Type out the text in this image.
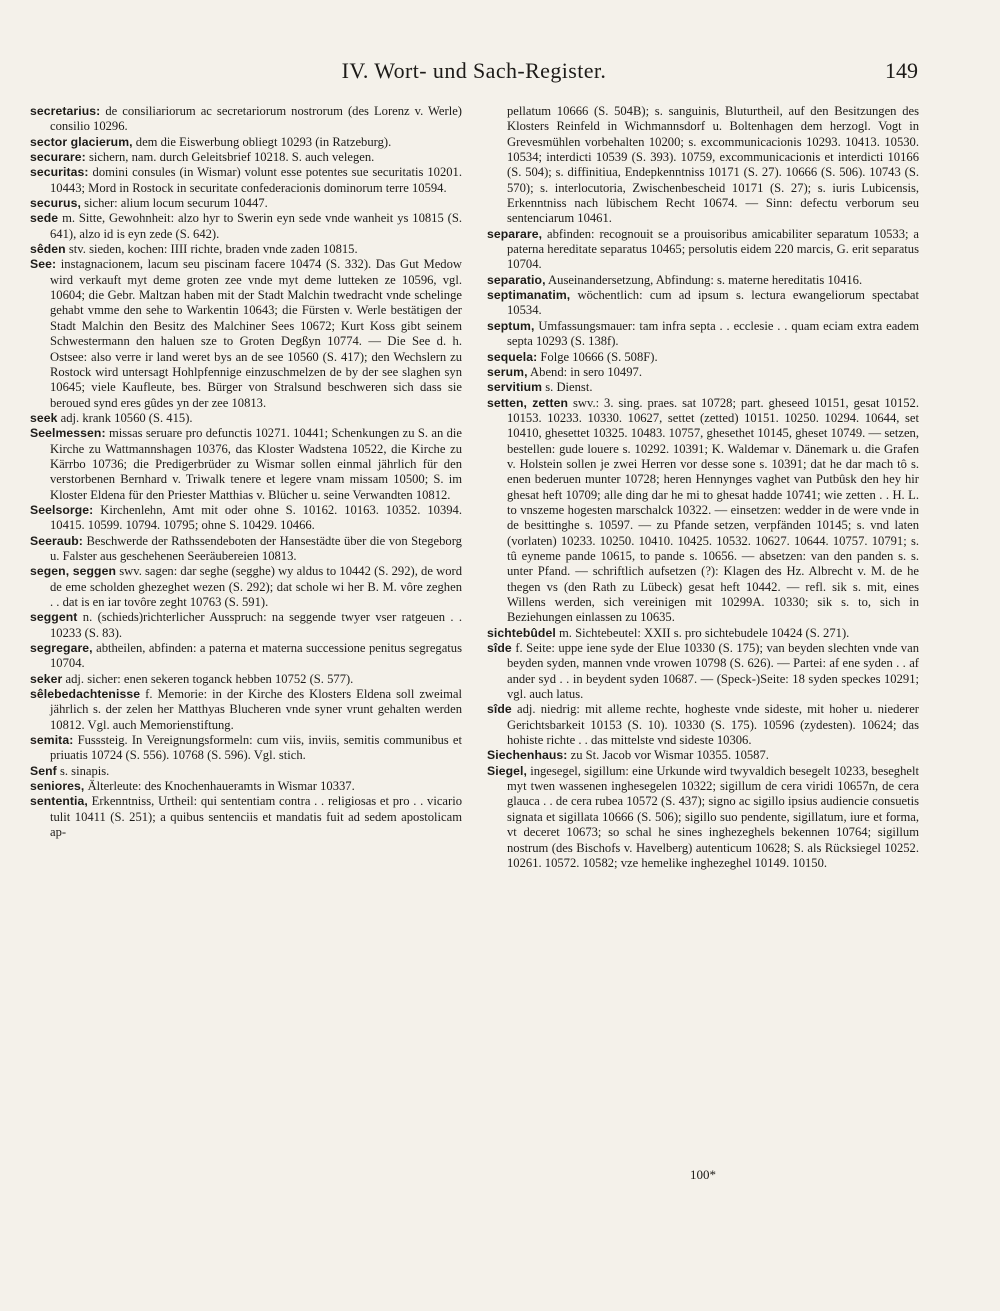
IV. Wort- und Sach-Register.	149

secretarius: de consiliariorum ac secretariorum nostrorum (des Lorenz v. Werle) consilio 10296.

sector glacierum, dem die Eiswerbung obliegt 10293 (in Ratzeburg).

securare: sichern, nam. durch Geleitsbrief 10218. S. auch velegen.

securitas: domini consules (in Wismar) volunt esse potentes sue securitatis 10201. 10443; Mord in Rostock in securitate confederacionis dominorum terre 10594.

securus, sicher: alium locum securum 10447.

sede m. Sitte, Gewohnheit: alzo hyr to Swerin eyn sede vnde wanheit ys 10815 (S. 641), alzo id is eyn zede (S. 642).

sêden stv. sieden, kochen: IIII richte, braden vnde zaden 10815.

See: instagnacionem, lacum seu piscinam facere 10474 (S. 332). Das Gut Medow wird verkauft myt deme groten zee vnde myt deme lutteken ze 10596, vgl. 10604; die Gebr. Maltzan haben mit der Stadt Malchin twedracht vnde schelinge gehabt vmme den sehe to Warkentin 10643; die Fürsten v. Werle bestätigen der Stadt Malchin den Besitz des Malchiner Sees 10672; Kurt Koss gibt seinem Schwestermann den haluen sze to Groten Degßyn 10774. — Die See d. h. Ostsee: also verre ir land weret bys an de see 10560 (S. 417); den Wechslern zu Rostock wird untersagt Hohlpfennige einzuschmelzen de by der see slaghen syn 10645; viele Kaufleute, bes. Bürger von Stralsund beschweren sich dass sie beroued synd eres gûdes yn der zee 10813.

seek adj. krank 10560 (S. 415).

Seelmessen: missas seruare pro defunctis 10271. 10441; Schenkungen zu S. an die Kirche zu Wattmannshagen 10376, das Kloster Wadstena 10522, die Kirche zu Kärrbo 10736; die Predigerbrüder zu Wismar sollen einmal jährlich für den verstorbenen Bernhard v. Triwalk tenere et legere vnam missam 10500; S. im Kloster Eldena für den Priester Matthias v. Blücher u. seine Verwandten 10812.

Seelsorge: Kirchenlehn, Amt mit oder ohne S. 10162. 10163. 10352. 10394. 10415. 10599. 10794. 10795; ohne S. 10429. 10466.

Seeraub: Beschwerde der Rathssendeboten der Hansestädte über die von Stegeborg u. Falster aus geschehenen Seeräubereien 10813.

segen, seggen swv. sagen: dar seghe (segghe) wy aldus to 10442 (S. 292), de word de eme scholden ghezeghet wezen (S. 292); dat schole wi her B. M. vôre zeghen . . dat is en iar tovôre zeght 10763 (S. 591).

seggent n. (schieds)richterlicher Ausspruch: na seggende twyer vser ratgeuen . . 10233 (S. 83).

segregare, abtheilen, abfinden: a paterna et materna successione penitus segregatus 10704.

seker adj. sicher: enen sekeren toganck hebben 10752 (S. 577).

sêlebedachtenisse f. Memorie: in der Kirche des Klosters Eldena soll zweimal jährlich s. der zelen her Matthyas Blucheren vnde syner vrunt gehalten werden 10812. Vgl. auch Memorienstiftung.

semita: Fusssteig. In Vereignungsformeln: cum viis, inviis, semitis communibus et priuatis 10724 (S. 556). 10768 (S. 596). Vgl. stich.

Senf s. sinapis.

seniores, Älterleute: des Knochenhaueramts in Wismar 10337.

sententia, Erkenntniss, Urtheil: qui sententiam contra . . religiosas et pro . . vicario tulit 10411 (S. 251); a quibus sentenciis et mandatis fuit ad sedem apostolicam ap-

pellatum 10666 (S. 504B); s. sanguinis, Bluturtheil, auf den Besitzungen des Klosters Reinfeld in Wichmannsdorf u. Boltenhagen dem herzogl. Vogt in Grevesmühlen vorbehalten 10200; s. excommunicacionis 10293. 10413. 10530. 10534; interdicti 10539 (S. 393). 10759, excommunicacionis et interdicti 10166 (S. 504); s. diffinitiua, Endерkenntniss 10171 (S. 27). 10666 (S. 506). 10743 (S. 570); s. interlocutoria, Zwischenbescheid 10171 (S. 27); s. iuris Lubicensis, Erkenntniss nach lübischem Recht 10674. — Sinn: defectu verborum seu sentenciarum 10461.

separare, abfinden: recognouit se a prouisoribus amicabiliter separatum 10533; a paterna hereditate separatus 10465; persolutis eidem 220 marcis, G. erit separatus 10704.

separatio, Auseinandersetzung, Abfindung: s. materne hereditatis 10416.

septimanatim, wöchentlich: cum ad ipsum s. lectura ewangeliorum spectabat 10534.

septum, Umfassungsmauer: tam infra septa . . ecclesie . . quam eciam extra eadem septa 10293 (S. 138f).

sequela: Folge 10666 (S. 508F).

serum, Abend: in sero 10497.

servitium s. Dienst.

setten, zetten swv.: 3. sing. praes. sat 10728; part. gheseed 10151, gesat 10152. 10153. 10233. 10330. 10627, settet (zetted) 10151. 10250. 10294. 10644, set 10410, ghesettet 10325. 10483. 10757, ghesethet 10145, gheset 10749. — setzen, bestellen: gude louere s. 10292. 10391; K. Waldemar v. Dänemark u. die Grafen v. Holstein sollen je zwei Herren vor desse sone s. 10391; dat he dar mach tô s. enen bederuen munter 10728; heren Hennynges vaghet van Putbûsk den hey hir ghesat heft 10709; alle ding dar he mi to ghesat hadde 10741; wie zetten . . H. L. to vnszeme hogesten marschalck 10322. — einsetzen: wedder in de were vnde in de besittinghe s. 10597. — zu Pfande setzen, verpfänden 10145; s. vnd laten (vorlaten) 10233. 10250. 10410. 10425. 10532. 10627. 10644. 10757. 10791; s. tû eyneme pande 10615, to pande s. 10656. — absetzen: van den panden s. s. unter Pfand. — schriftlich aufsetzen (?): Klagen des Hz. Albrecht v. M. de he thegen vs (den Rath zu Lübeck) gesat heft 10442. — refl. sik s. mit, eines Willens werden, sich vereinigen mit 10299A. 10330; sik s. to, sich in Beziehungen einlassen zu 10635.

sichtebûdel m. Sichtebeutel: XXII s. pro sichtebudele 10424 (S. 271).

sîde f. Seite: uppe iene syde der Elue 10330 (S. 175); van beyden slechten vnde van beyden syden, mannen vnde vrowen 10798 (S. 626). — Partei: af ene syden . . af ander syd . . in beydent syden 10687. — (Speck-)Seite: 18 syden speckes 10291; vgl. auch latus.

sîde adj. niedrig: mit alleme rechte, hogheste vnde sideste, mit hoher u. niederer Gerichtsbarkeit 10153 (S. 10). 10330 (S. 175). 10596 (zydesten). 10624; das hohiste richte . . das mittelste vnd sideste 10306.

Siechenhaus: zu St. Jacob vor Wismar 10355. 10587.

Siegel, ingesegel, sigillum: eine Urkunde wird twyvaldich besegelt 10233, beseghelt myt twen wassenen inghesegelen 10322; sigillum de cera viridi 10657n, de cera glauca . . de cera rubea 10572 (S. 437); signo ac sigillo ipsius audiencie consuetis signata et sigillata 10666 (S. 506); sigillo suo pendente, sigillatum, iure et forma, vt deceret 10673; so schal he sines inghezeghels bekennen 10764; sigillum nostrum (des Bischofs v. Havelberg) autenticum 10628; S. als Rücksiegel 10252. 10261. 10572. 10582; vze hemelike inghezeghel 10149. 10150.

100*
